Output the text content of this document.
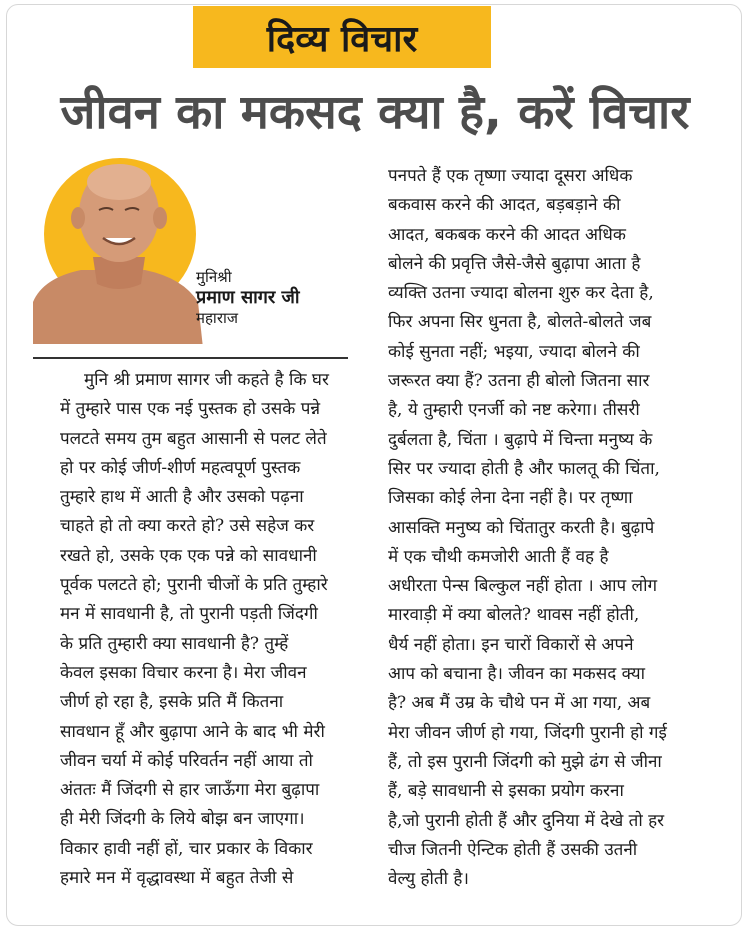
दिव्य विचार
जीवन का मकसद क्या है, करें विचार
मुनिश्री
प्रमाण सागर जी
महाराज
मुनि श्री प्रमाण सागर जी कहते है कि घर
में तुम्हारे पास एक नई पुस्तक हो उसके पन्ने
पलटते समय तुम बहुत आसानी से पलट लेते
हो पर कोई जीर्ण-शीर्ण महत्वपूर्ण पुस्तक
तुम्हारे हाथ में आती है और उसको पढ़ना
चाहते हो तो क्या करते हो? उसे सहेज कर
रखते हो, उसके एक एक पन्ने को सावधानी
पूर्वक पलटते हो; पुरानी चीजों के प्रति तुम्हारे
मन में सावधानी है, तो पुरानी पड़ती जिंदगी
के प्रति तुम्हारी क्या सावधानी है? तुम्हें
केवल इसका विचार करना है। मेरा जीवन
जीर्ण हो रहा है, इसके प्रति मैं कितना
सावधान हूँ और बुढ़ापा आने के बाद भी मेरी
जीवन चर्या में कोई परिवर्तन नहीं आया तो
अंततः मैं जिंदगी से हार जाऊँगा मेरा बुढ़ापा
ही मेरी जिंदगी के लिये बोझ बन जाएगा।
विकार हावी नहीं हों, चार प्रकार के विकार
हमारे मन में वृद्धावस्था में बहुत तेजी से
पनपते हैं एक तृष्णा ज्यादा दूसरा अधिक
बकवास करने की आदत, बड़बड़ाने की
आदत, बकबक करने की आदत अधिक
बोलने की प्रवृत्ति जैसे-जैसे बुढ़ापा आता है
व्यक्ति उतना ज्यादा बोलना शुरु कर देता है,
फिर अपना सिर धुनता है, बोलते-बोलते जब
कोई सुनता नहीं; भइया, ज्यादा बोलने की
जरूरत क्या हैं? उतना ही बोलो जितना सार
है, ये तुम्हारी एनर्जी को नष्ट करेगा। तीसरी
दुर्बलता है, चिंता । बुढ़ापे में चिन्ता मनुष्य के
सिर पर ज्यादा होती है और फालतू की चिंता,
जिसका कोई लेना देना नहीं है। पर तृष्णा
आसक्ति मनुष्य को चिंतातुर करती है। बुढ़ापे
में एक चौथी कमजोरी आती हैं वह है
अधीरता पेन्स बिल्कुल नहीं होता । आप लोग
मारवाड़ी में क्या बोलते? थावस नहीं होती,
धैर्य नहीं होता। इन चारों विकारों से अपने
आप को बचाना है। जीवन का मकसद क्या
है? अब मैं उम्र के चौथे पन में आ गया, अब
मेरा जीवन जीर्ण हो गया, जिंदगी पुरानी हो गई
हैं, तो इस पुरानी जिंदगी को मुझे ढंग से जीना
हैं, बड़े सावधानी से इसका प्रयोग करना
है,जो पुरानी होती हैं और दुनिया में देखे तो हर
चीज जितनी ऐन्टिक होती हैं उसकी उतनी
वेल्यु होती है।
